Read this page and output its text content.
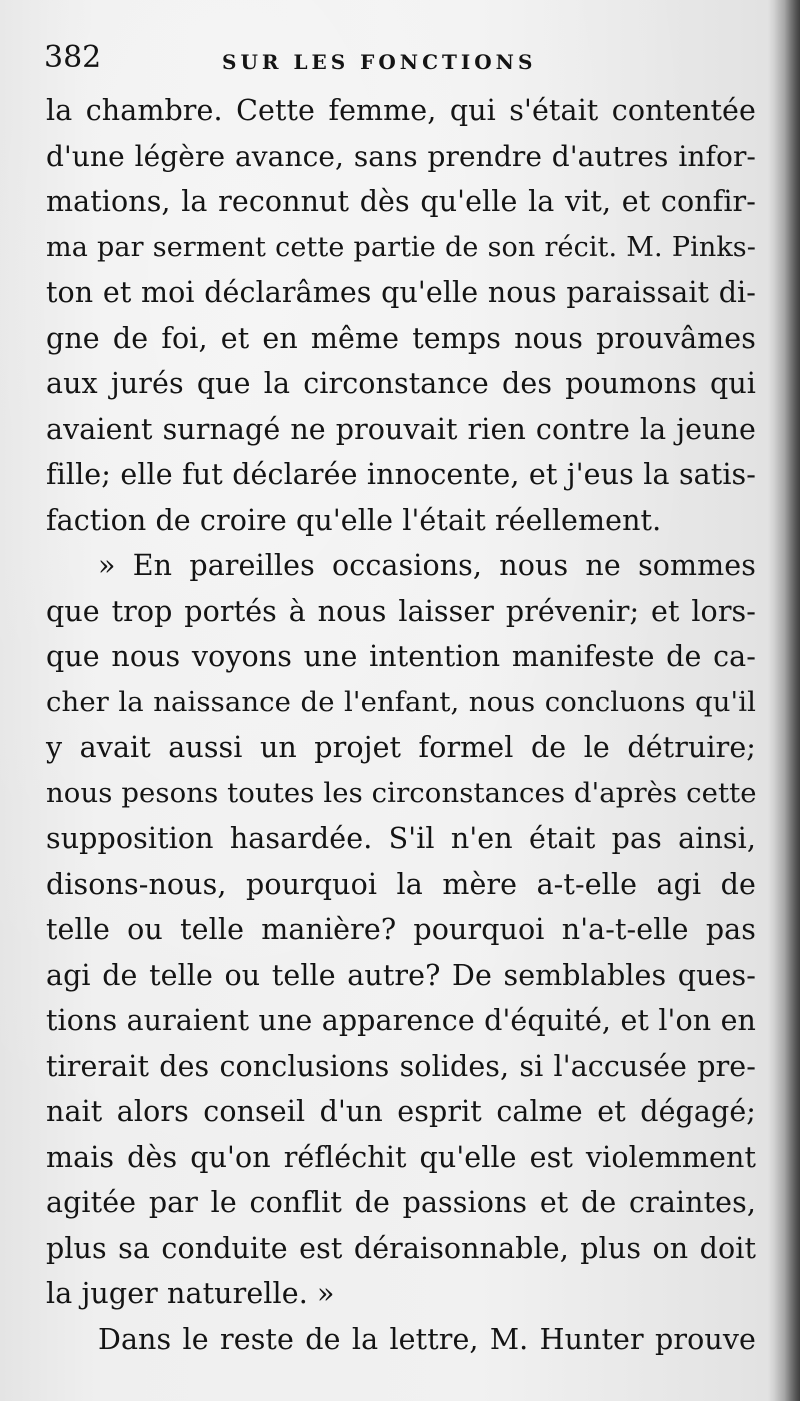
382	SUR LES FONCTIONS
la chambre. Cette femme, qui s'était contentée
d'une légère avance, sans prendre d'autres infor-
mations, la reconnut dès qu'elle la vit, et confir-
ma par serment cette partie de son récit. M. Pinks-
ton et moi déclarâmes qu'elle nous paraissait di-
gne de foi, et en même temps nous prouvâmes
aux jurés que la circonstance des poumons qui
avaient surnagé ne prouvait rien contre la jeune
fille; elle fut déclarée innocente, et j'eus la satis-
faction de croire qu'elle l'était réellement.
» En pareilles occasions, nous ne sommes
que trop portés à nous laisser prévenir; et lors-
que nous voyons une intention manifeste de ca-
cher la naissance de l'enfant, nous concluons qu'il
y avait aussi un projet formel de le détruire;
nous pesons toutes les circonstances d'après cette
supposition hasardée. S'il n'en était pas ainsi,
disons-nous, pourquoi la mère a-t-elle agi de
telle ou telle manière? pourquoi n'a-t-elle pas
agi de telle ou telle autre? De semblables ques-
tions auraient une apparence d'équité, et l'on en
tirerait des conclusions solides, si l'accusée pre-
nait alors conseil d'un esprit calme et dégagé;
mais dès qu'on réfléchit qu'elle est violemment
agitée par le conflit de passions et de craintes,
plus sa conduite est déraisonnable, plus on doit
la juger naturelle. »
Dans le reste de la lettre, M. Hunter prouve
